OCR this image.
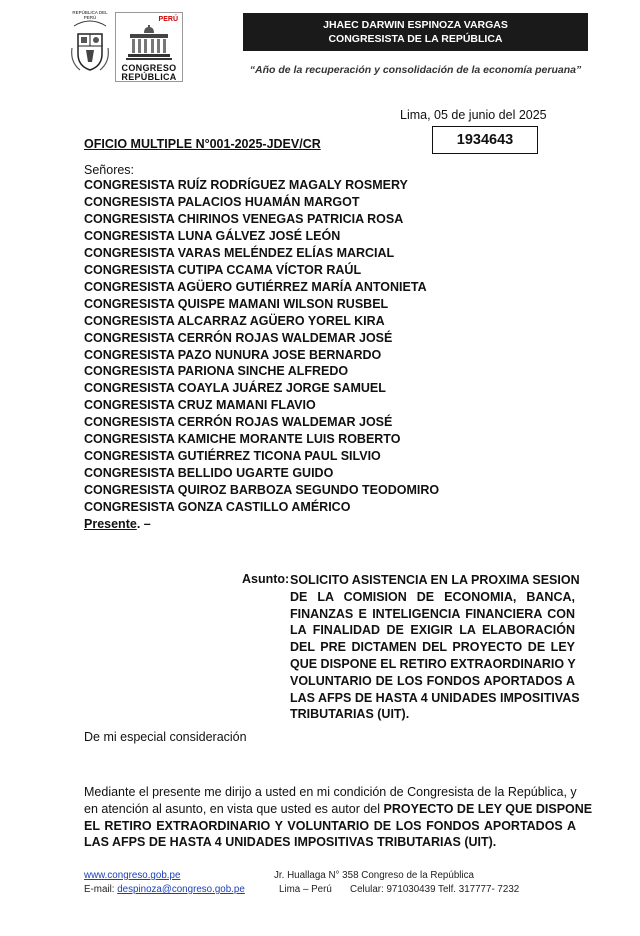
REPÚBLICA DEL PERÚ	PERÚ
CONGRESO
REPÚBLICA
JHAEC DARWIN ESPINOZA VARGAS
CONGRESISTA DE LA REPÚBLICA
“Año de la recuperación y consolidación de la economía peruana”
Lima, 05 de junio del 2025
OFICIO MULTIPLE N°001-2025-JDEV/CR	1934643
Señores:
CONGRESISTA RUÍZ RODRÍGUEZ MAGALY ROSMERY
CONGRESISTA PALACIOS HUAMÁN MARGOT
CONGRESISTA CHIRINOS VENEGAS PATRICIA ROSA
CONGRESISTA LUNA GÁLVEZ JOSÉ LEÓN
CONGRESISTA VARAS MELÉNDEZ ELÍAS MARCIAL
CONGRESISTA CUTIPA CCAMA VÍCTOR RAÚL
CONGRESISTA AGÜERO GUTIÉRREZ MARÍA ANTONIETA
CONGRESISTA QUISPE MAMANI WILSON RUSBEL
CONGRESISTA ALCARRAZ AGÜERO YOREL KIRA
CONGRESISTA CERRÓN ROJAS WALDEMAR JOSÉ
CONGRESISTA PAZO NUNURA JOSE BERNARDO
CONGRESISTA PARIONA SINCHE ALFREDO
CONGRESISTA COAYLA JUÁREZ JORGE SAMUEL
CONGRESISTA CRUZ MAMANI FLAVIO
CONGRESISTA CERRÓN ROJAS WALDEMAR JOSÉ
CONGRESISTA KAMICHE MORANTE LUIS ROBERTO
CONGRESISTA GUTIÉRREZ TICONA PAUL SILVIO
CONGRESISTA BELLIDO UGARTE GUIDO
CONGRESISTA QUIROZ BARBOZA SEGUNDO TEODOMIRO
CONGRESISTA GONZA CASTILLO AMÉRICO
Presente. –
Asunto: SOLICITO ASISTENCIA EN LA PROXIMA SESION
DE LA COMISION DE ECONOMIA, BANCA,
FINANZAS E INTELIGENCIA FINANCIERA CON
LA FINALIDAD DE EXIGIR LA ELABORACIÓN
DEL PRE DICTAMEN DEL PROYECTO DE LEY
QUE DISPONE EL RETIRO EXTRAORDINARIO Y
VOLUNTARIO DE LOS FONDOS APORTADOS A
LAS AFPS DE HASTA 4 UNIDADES IMPOSITIVAS
TRIBUTARIAS (UIT).
De mi especial consideración
Mediante el presente me dirijo a usted en mi condición de Congresista de la República, y
en atención al asunto, en vista que usted es autor del PROYECTO DE LEY QUE DISPONE
EL RETIRO EXTRAORDINARIO Y VOLUNTARIO DE LOS FONDOS APORTADOS A
LAS AFPS DE HASTA 4 UNIDADES IMPOSITIVAS TRIBUTARIAS (UIT).
www.congreso.gob.pe
E-mail: despinoza@congreso.gob.pe
Jr. Huallaga N° 358 Congreso de la República
Lima – Perú Celular: 971030439 Telf. 317777- 7232
